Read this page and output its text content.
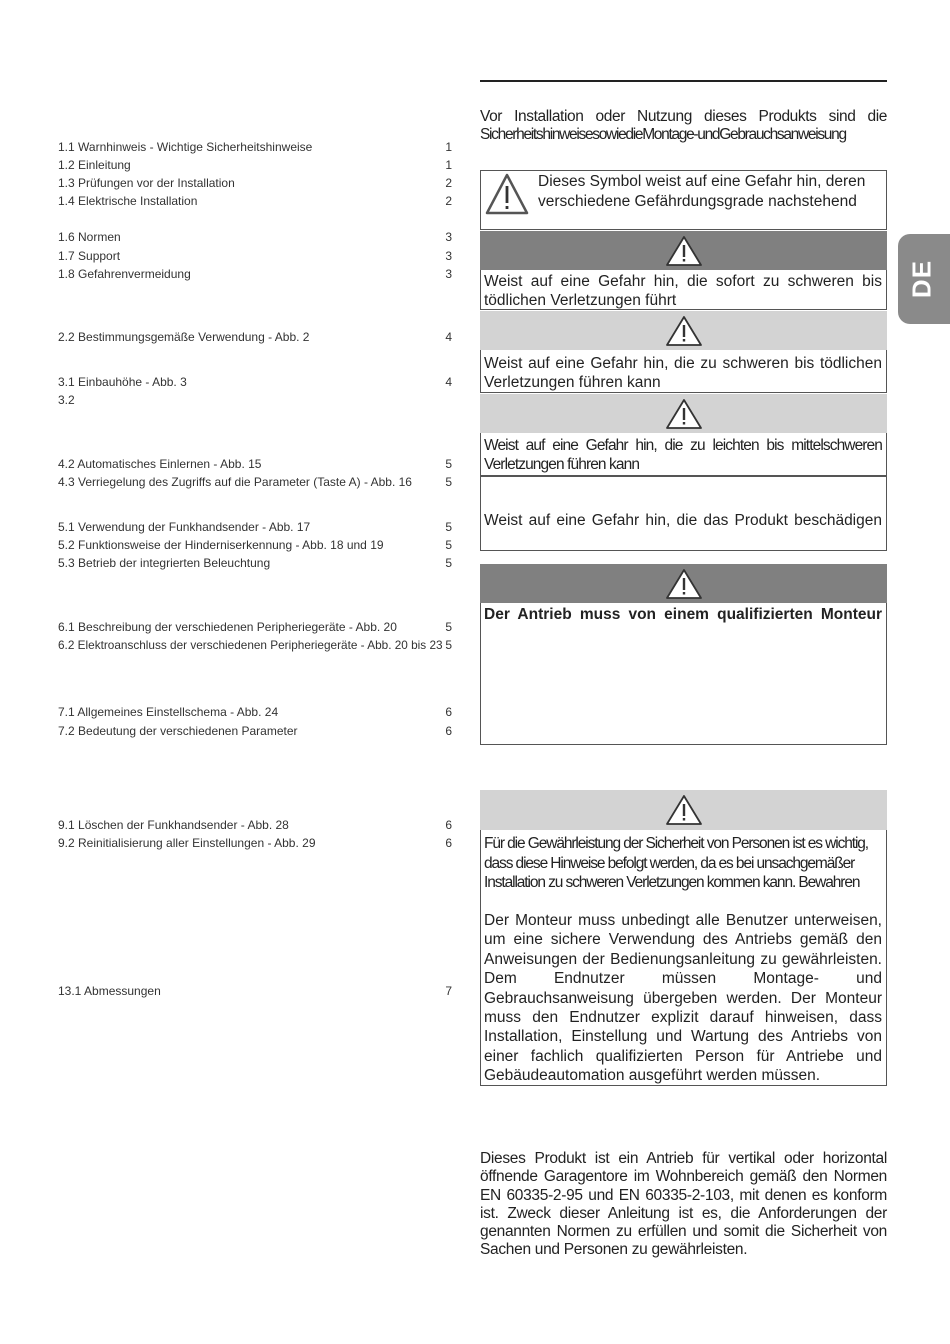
1.1 Warnhinweis - Wichtige Sicherheitshinweise	1
1.2 Einleitung	1
1.3 Prüfungen vor der Installation	2
1.4 Elektrische Installation	2
1.6 Normen	3
1.7 Support	3
1.8 Gefahrenvermeidung	3
2.2 Bestimmungsgemäße Verwendung - Abb. 2	4
3.1 Einbauhöhe - Abb. 3	4
3.2
4.2 Automatisches Einlernen - Abb. 15	5
4.3 Verriegelung des Zugriffs auf die Parameter (Taste A) - Abb. 16	5
5.1 Verwendung der Funkhandsender - Abb. 17	5
5.2 Funktionsweise der Hinderniserkennung - Abb. 18 und 19	5
5.3 Betrieb der integrierten Beleuchtung	5
6.1 Beschreibung der verschiedenen Peripheriegeräte - Abb. 20	5
6.2 Elektroanschluss der verschiedenen Peripheriegeräte - Abb. 20 bis 23 5
7.1 Allgemeines Einstellschema - Abb. 24	6
7.2 Bedeutung der verschiedenen Parameter	6
9.1 Löschen der Funkhandsender - Abb. 28	6
9.2 Reinitialisierung aller Einstellungen - Abb. 29	6
13.1 Abmessungen	7
Vor Installation oder Nutzung dieses Produkts sind die
SicherheitshinweisesowiedieMontage-undGebrauchsanweisung
Dieses Symbol weist auf eine Gefahr hin, deren verschiedene Gefährdungsgrade nachstehend
Weist auf eine Gefahr hin, die sofort zu schweren bis tödlichen Verletzungen führt
Weist auf eine Gefahr hin, die zu schweren bis tödlichen Verletzungen führen kann
Weist auf eine Gefahr hin, die zu leichten bis mittelschweren Verletzungen führen kann
Weist auf eine Gefahr hin, die das Produkt beschädigen
Der Antrieb muss von einem qualifizierten Monteur
Für die Gewährleistung der Sicherheit von Personen ist es wichtig,
dass diese Hinweise befolgt werden, da es bei unsachgemäßer
Installation zu schweren Verletzungen kommen kann. Bewahren
Der Monteur muss unbedingt alle Benutzer unterweisen, um eine sichere Verwendung des Antriebs gemäß den Anweisungen der Bedienungsanleitung zu gewährleisten. Dem Endnutzer müssen Montage- und Gebrauchsanweisung übergeben werden. Der Monteur muss den Endnutzer explizit darauf hinweisen, dass Installation, Einstellung und Wartung des Antriebs von einer fachlich qualifizierten Person für Antriebe und Gebäudeautomation ausgeführt werden müssen.
Dieses Produkt ist ein Antrieb für vertikal oder horizontal öffnende Garagentore im Wohnbereich gemäß den Normen EN 60335-2-95 und EN 60335-2-103, mit denen es konform ist. Zweck dieser Anleitung ist es, die Anforderungen der genannten Normen zu erfüllen und somit die Sicherheit von Sachen und Personen zu gewährleisten.
DE
